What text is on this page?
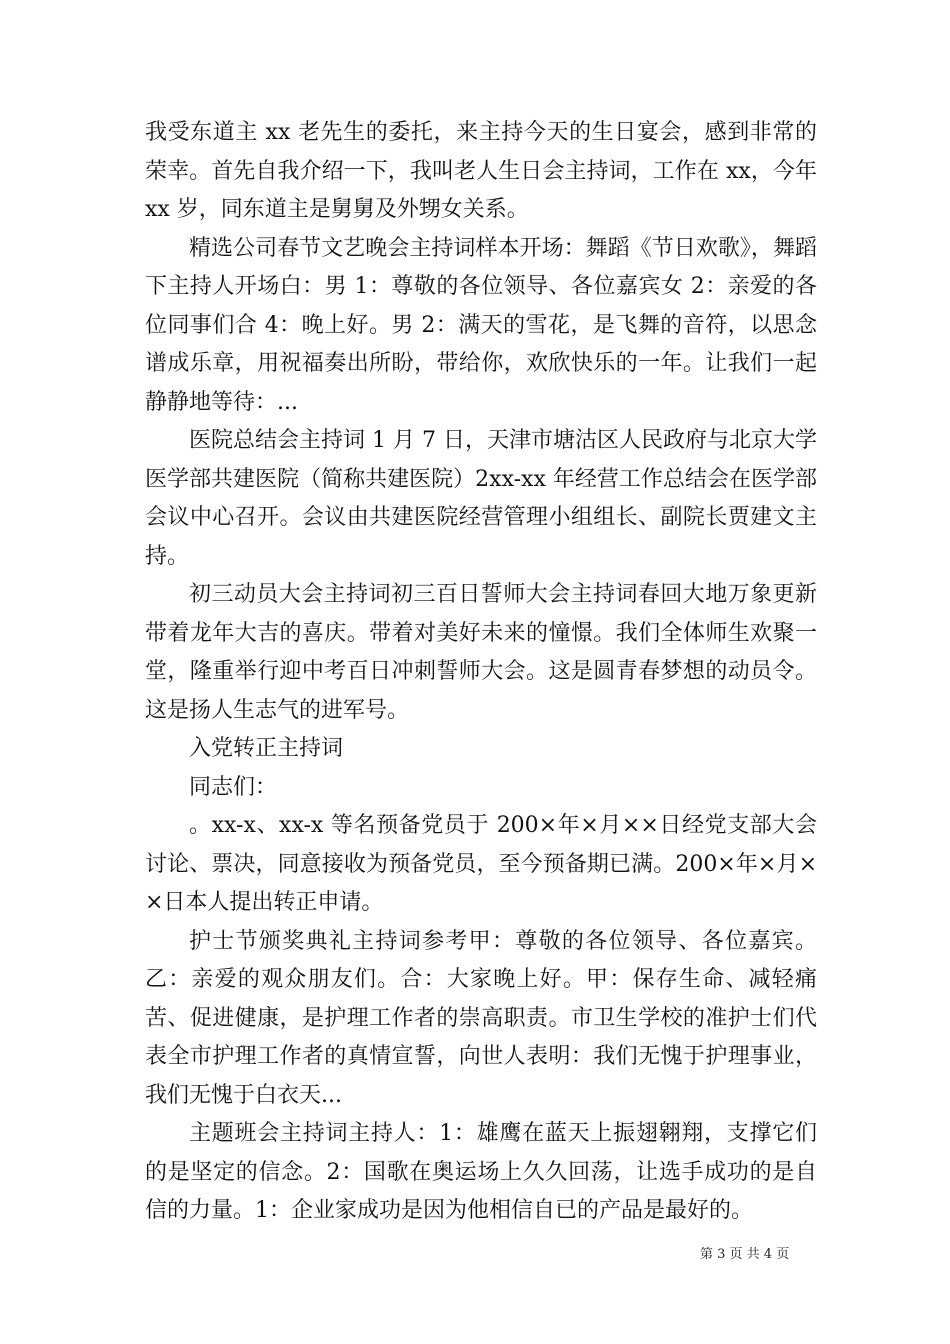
我受东道主 xx 老先生的委托，来主持今天的生日宴会，感到非常的荣幸。首先自我介绍一下，我叫老人生日会主持词，工作在 xx，今年 xx 岁，同东道主是舅舅及外甥女关系。

精选公司春节文艺晚会主持词样本开场：舞蹈《节日欢歌》，舞蹈下主持人开场白：男 1：尊敬的各位领导、各位嘉宾女 2：亲爱的各位同事们合 4：晚上好。男 2：满天的雪花，是飞舞的音符，以思念谱成乐章，用祝福奏出所盼，带给你，欢欣快乐的一年。让我们一起静静地等待：...

医院总结会主持词 1 月 7 日，天津市塘沽区人民政府与北京大学医学部共建医院（简称共建医院）2xx-xx 年经营工作总结会在医学部会议中心召开。会议由共建医院经营管理小组组长、副院长贾建文主持。

初三动员大会主持词初三百日誓师大会主持词春回大地万象更新带着龙年大吉的喜庆。带着对美好未来的憧憬。我们全体师生欢聚一堂，隆重举行迎中考百日冲刺誓师大会。这是圆青春梦想的动员令。这是扬人生志气的进军号。

入党转正主持词

同志们：

。xx-x、xx-x 等名预备党员于 200×年×月××日经党支部大会讨论、票决，同意接收为预备党员，至今预备期已满。200×年×月××日本人提出转正申请。

护士节颁奖典礼主持词参考甲：尊敬的各位领导、各位嘉宾。乙：亲爱的观众朋友们。合：大家晚上好。甲：保存生命、减轻痛苦、促进健康，是护理工作者的崇高职责。市卫生学校的准护士们代表全市护理工作者的真情宣誓，向世人表明：我们无愧于护理事业，我们无愧于白衣天...

主题班会主持词主持人：1：雄鹰在蓝天上振翅翱翔，支撑它们的是坚定的信念。2：国歌在奥运场上久久回荡，让选手成功的是自信的力量。1：企业家成功是因为他相信自已的产品是最好的。

第 3 页 共 4 页
